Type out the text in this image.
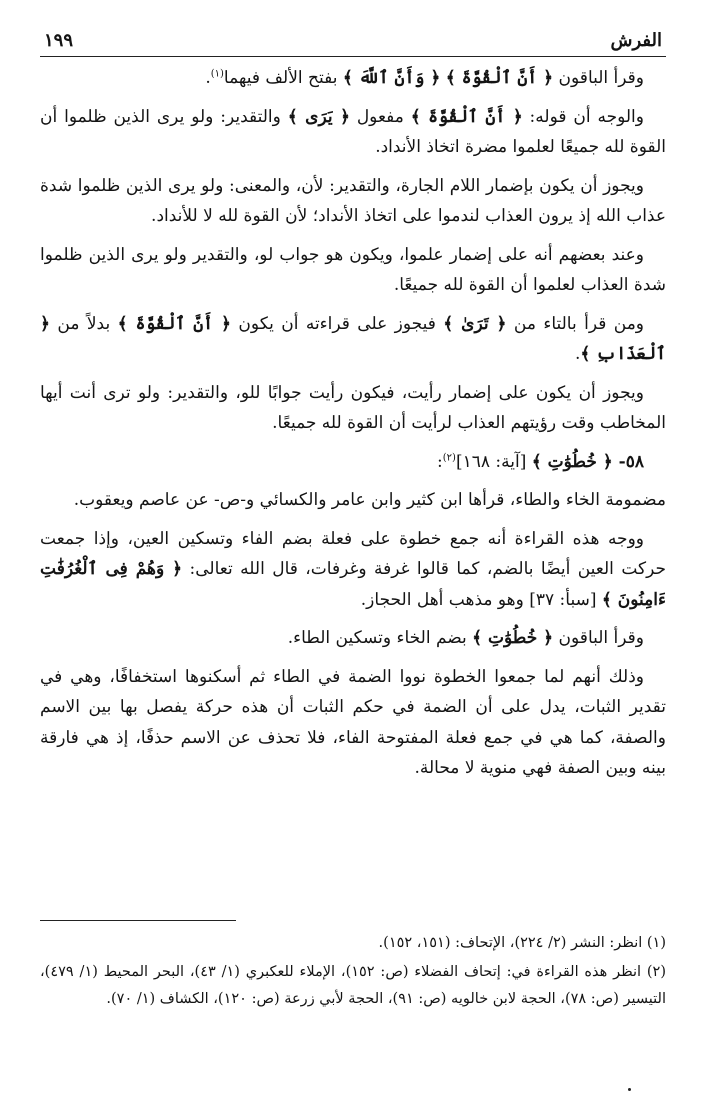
الفرش
١٩٩

وقرأ الباقون ﴿ أَنَّ ٱلْقُوَّةَ ﴾ ﴿ وَأَنَّ ٱللَّهَ ﴾ بفتح الألف فيهما$^{(١)}$.

والوجه أن قوله: ﴿ أَنَّ ٱلْقُوَّةَ ﴾ مفعول ﴿ يَرَى ﴾ والتقدير: ولو يرى الذين ظلموا أن القوة لله جميعًا لعلموا مضرة اتخاذ الأنداد.

ويجوز أن يكون بإضمار اللام الجارة، والتقدير: لأن، والمعنى: ولو يرى الذين ظلموا شدة عذاب الله إذ يرون العذاب لندموا على اتخاذ الأنداد؛ لأن القوة لله لا للأنداد.

وعند بعضهم أنه على إضمار علموا، ويكون هو جواب لو، والتقدير ولو يرى الذين ظلموا شدة العذاب لعلموا أن القوة لله جميعًا.

ومن قرأ بالتاء من ﴿ تَرَىٰ ﴾ فيجوز على قراءته أن يكون ﴿ أَنَّ ٱلْقُوَّةَ ﴾ بدلاً من ﴿ ٱلْعَذَابِ ﴾.

ويجوز أن يكون على إضمار رأيت، فيكون رأيت جوابًا للو، والتقدير: ولو ترى أنت أيها المخاطب وقت رؤيتهم العذاب لرأيت أن القوة لله جميعًا.

٥٨- ﴿ خُطُوَٰتِ ﴾ [آية: ١٦٨]$^{(٢)}$:

مضمومة الخاء والطاء، قرأها ابن كثير وابن عامر والكسائي و-ص- عن عاصم ويعقوب.

ووجه هذه القراءة أنه جمع خطوة على فعلة بضم الفاء وتسكين العين، وإذا جمعت حركت العين أيضًا بالضم، كما قالوا غرفة وغرفات، قال الله تعالى: ﴿ وَهُمْ فِى ٱلْغُرُفَٰتِ ءَامِنُونَ ﴾ [سبأ: ٣٧] وهو مذهب أهل الحجاز.

وقرأ الباقون ﴿ خُطُوَٰتِ ﴾ بضم الخاء وتسكين الطاء.

وذلك أنهم لما جمعوا الخطوة نووا الضمة في الطاء ثم أسكنوها استخفافًا، وهي في تقدير الثبات، يدل على أن الضمة في حكم الثبات أن هذه حركة يفصل بها بين الاسم والصفة، كما هي في جمع فعلة المفتوحة الفاء، فلا تحذف عن الاسم حذفًا، إذ هي فارقة بينه وبين الصفة فهي منوية لا محالة.

(١) انظر: النشر (٢/ ٢٢٤)، الإتحاف: (١٥١، ١٥٢).

(٢) انظر هذه القراءة في: إتحاف الفضلاء (ص: ١٥٢)، الإملاء للعكبري (١/ ٤٣)، البحر المحيط (١/ ٤٧٩)، التيسير (ص: ٧٨)، الحجة لابن خالويه (ص: ٩١)، الحجة لأبي زرعة (ص: ١٢٠)، الكشاف (١/ ٧٠).
